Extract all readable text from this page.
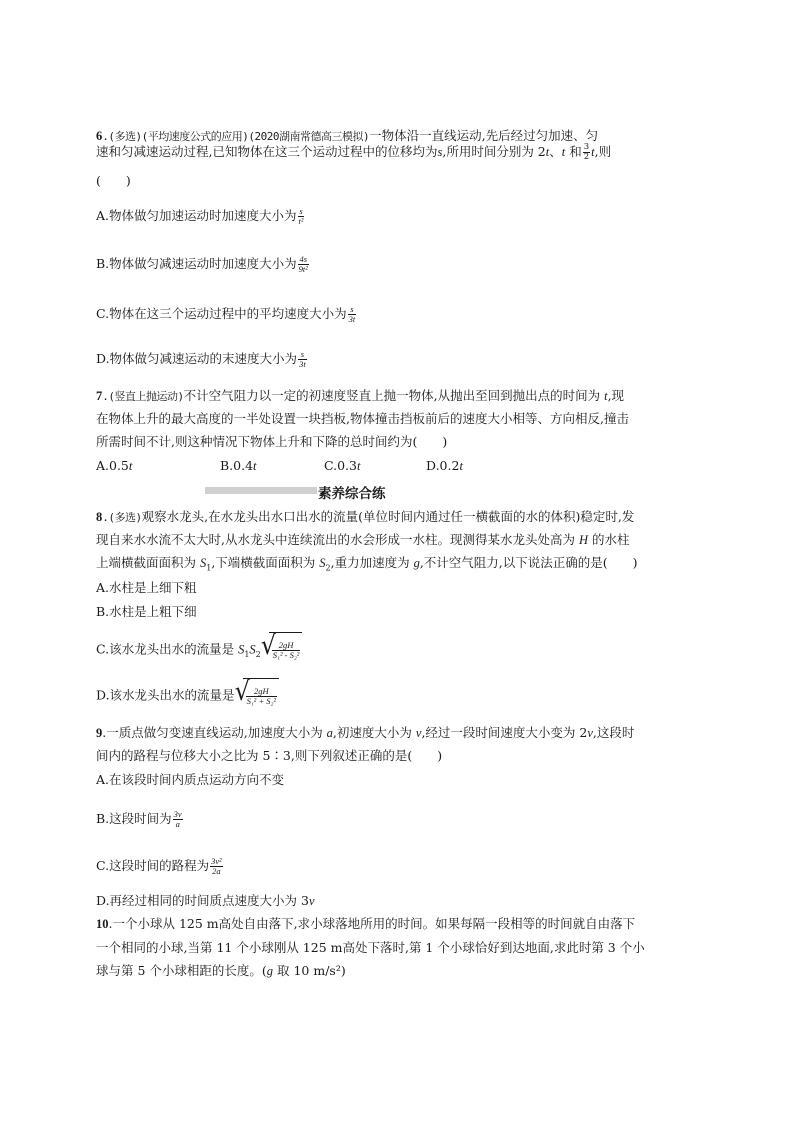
6.(多选)(平均速度公式的应用)(2020湖南常德高三模拟)一物体沿一直线运动,先后经过匀加速、匀
速和匀减速运动过程,已知物体在这三个运动过程中的位移均为s,所用时间分别为 2t、t 和 $\frac{3}{2} t$,则
(　　)
A.物体做匀加速运动时加速度大小为 $\frac{s}{\text{t²}}$
B.物体做匀减速运动时加速度大小为 $\frac{4s}{\text{9t²}}$
C.物体在这三个运动过程中的平均速度大小为 $\frac{s}{3t}$
D.物体做匀减速运动的末速度大小为 $\frac{s}{3t}$
7.(竖直上抛运动)不计空气阻力以一定的初速度竖直上抛一物体,从抛出至回到抛出点的时间为 t,现
在物体上升的最大高度的一半处设置一块挡板,物体撞击挡板前后的速度大小相等、方向相反,撞击
所需时间不计,则这种情况下物体上升和下降的总时间约为(　　)
A.0.5t	B.0.4t	C.0.3t	D.0.2t
素养综合练
8.(多选)观察水龙头,在水龙头出水口出水的流量(单位时间内通过任一横截面的水的体积)稳定时,发
现自来水水流不太大时,从水龙头中连续流出的水会形成一水柱。现测得某水龙头处高为 H 的水柱
上端横截面面积为 $S_1$,下端横截面面积为 $S_2$,重力加速度为 g,不计空气阻力,以下说法正确的是(　　)
A.水柱是上细下粗
B.水柱是上粗下细
C.该水龙头出水的流量是 $S_1S_2$ √
$\frac{2gH}{\text{S₁² - S₂²}}$
D.该水龙头出水的流量是 √
$\frac{2gH}{\text{S₁² + S₂²}}$
9.一质点做匀变速直线运动,加速度大小为 a,初速度大小为 v,经过一段时间速度大小变为 2v,这段时
间内的路程与位移大小之比为 5∶3,则下列叙述正确的是(　　)
A.在该段时间内质点运动方向不变
B.这段时间为 $\frac{3v}{a}$
C.这段时间的路程为 $\frac{\text{3v²}}{2a}$
D.再经过相同的时间质点速度大小为 3v
10.一个小球从 125 m高处自由落下,求小球落地所用的时间。如果每隔一段相等的时间就自由落下
一个相同的小球,当第 11 个小球刚从 125 m高处下落时,第 1 个小球恰好到达地面,求此时第 3 个小
球与第 5 个小球相距的长度。(g 取 10 m/s²)
